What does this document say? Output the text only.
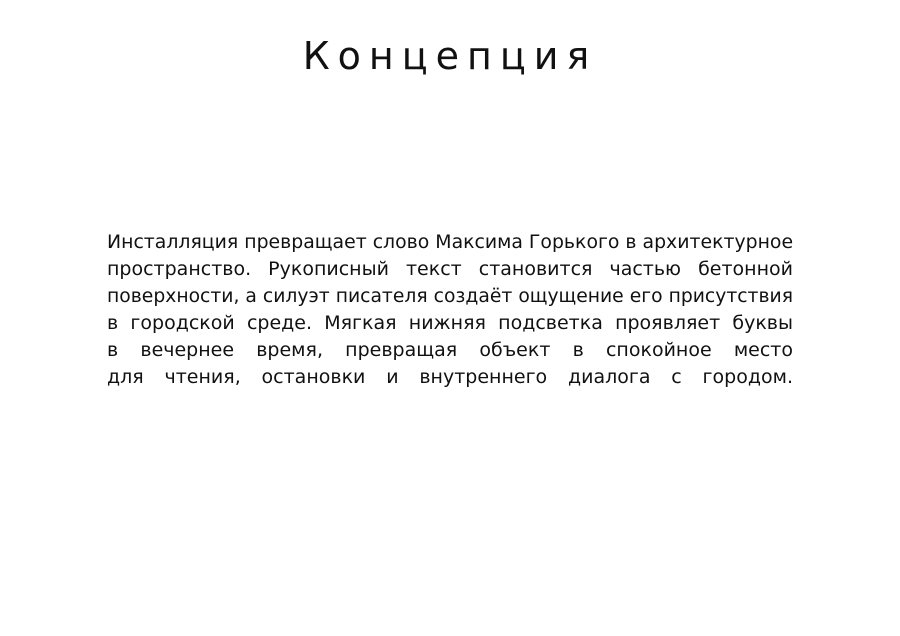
Концепция

Инсталляция превращает слово Максима Горького в архитектурное
пространство. Рукописный текст становится частью бетонной
поверхности, а силуэт писателя создаёт ощущение его присутствия
в городской среде. Мягкая нижняя подсветка проявляет буквы
в вечернее время, превращая объект в спокойное место
для чтения, остановки и внутреннего диалога с городом.
